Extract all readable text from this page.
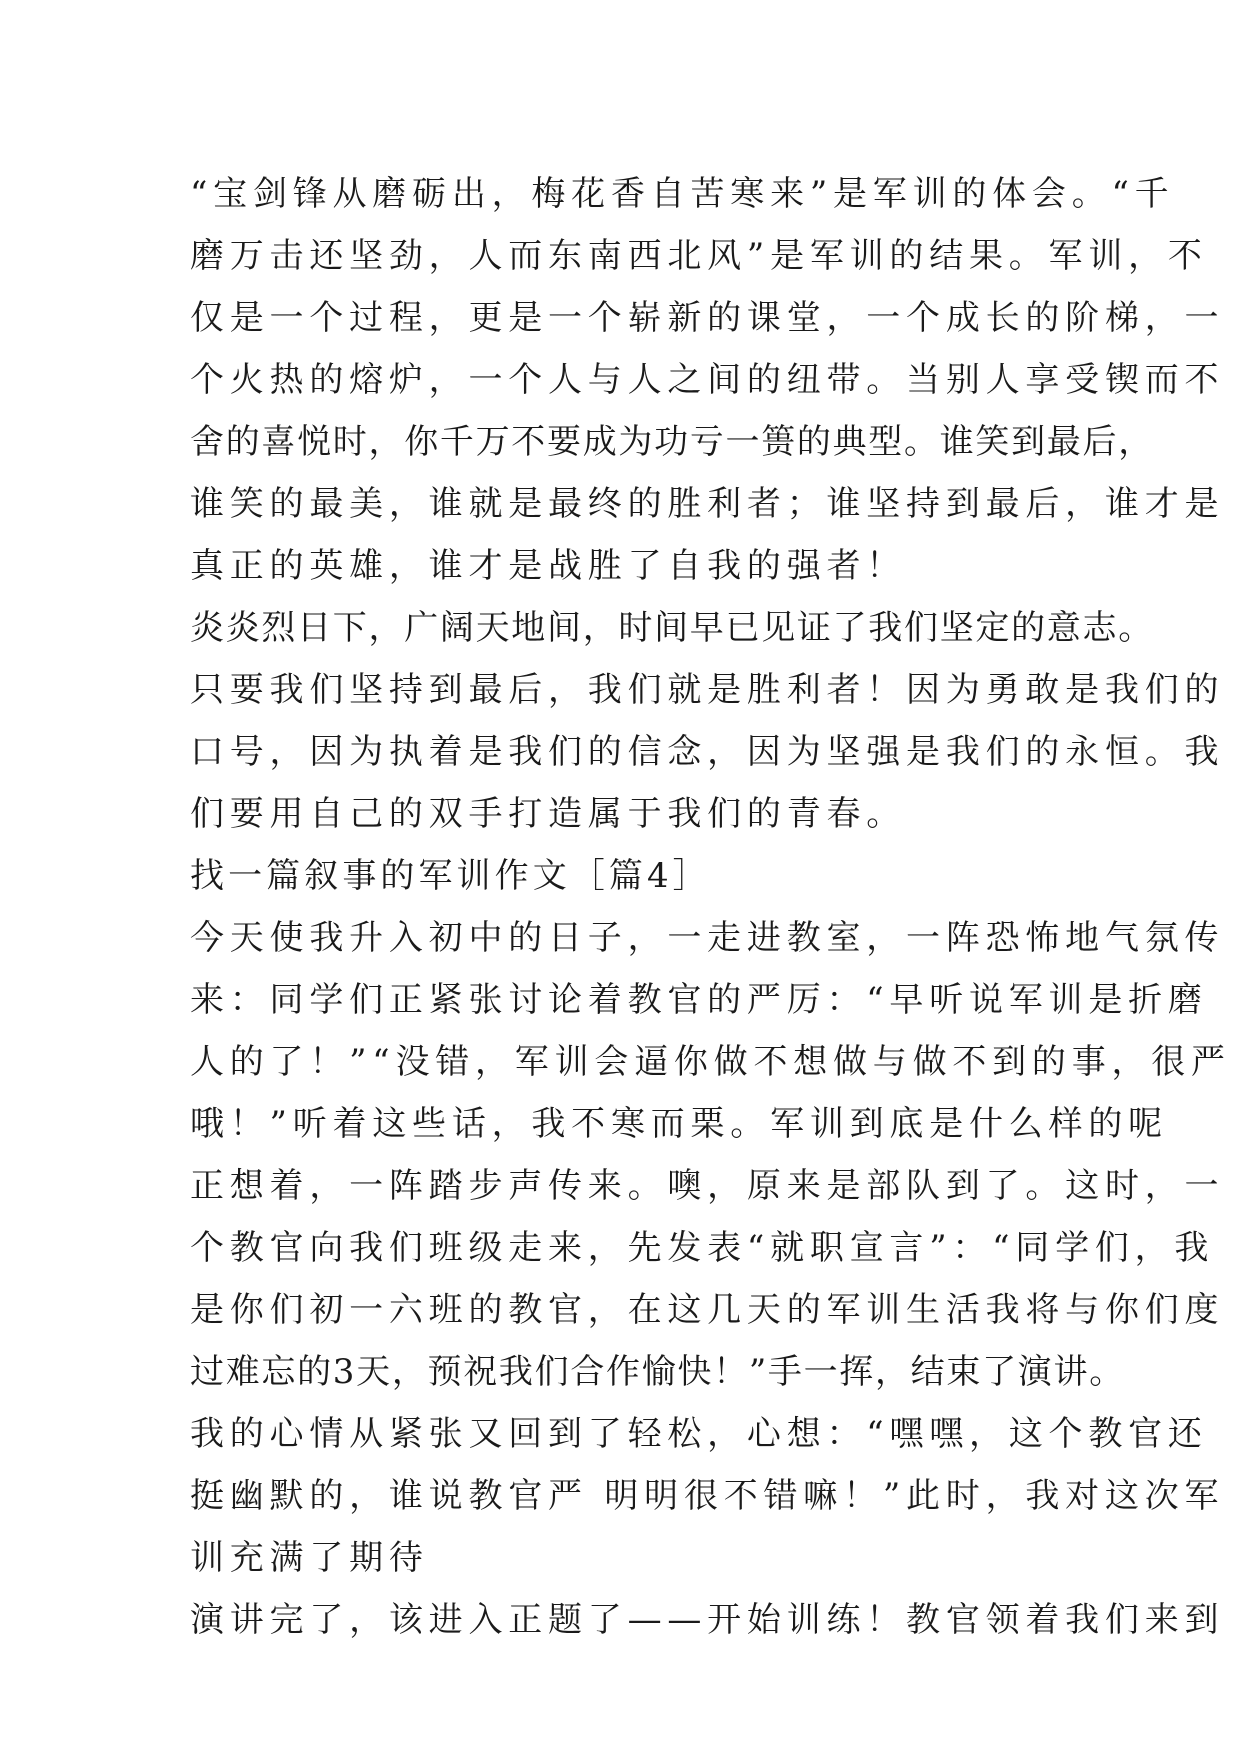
“宝剑锋从磨砺出，梅花香自苦寒来”是军训的体会。“千
磨万击还坚劲，人而东南西北风”是军训的结果。军训，不
仅是一个过程，更是一个崭新的课堂，一个成长的阶梯，一
个火热的熔炉，一个人与人之间的纽带。当别人享受锲而不
舍的喜悦时，你千万不要成为功亏一篑的典型。谁笑到最后，
谁笑的最美，谁就是最终的胜利者；谁坚持到最后，谁才是
真正的英雄，谁才是战胜了自我的强者！
炎炎烈日下，广阔天地间，时间早已见证了我们坚定的意志。
只要我们坚持到最后，我们就是胜利者！因为勇敢是我们的
口号，因为执着是我们的信念，因为坚强是我们的永恒。我
们要用自己的双手打造属于我们的青春。
找一篇叙事的军训作文［篇4］
今天使我升入初中的日子，一走进教室，一阵恐怖地气氛传
来：同学们正紧张讨论着教官的严厉：“早听说军训是折磨
人的了！”“没错，军训会逼你做不想做与做不到的事，很严
哦！”听着这些话，我不寒而栗。军训到底是什么样的呢
正想着，一阵踏步声传来。噢，原来是部队到了。这时，一
个教官向我们班级走来，先发表“就职宣言”：“同学们，我
是你们初一六班的教官，在这几天的军训生活我将与你们度
过难忘的3天，预祝我们合作愉快！”手一挥，结束了演讲。
我的心情从紧张又回到了轻松，心想：“嘿嘿，这个教官还
挺幽默的，谁说教官严 明明很不错嘛！”此时，我对这次军
训充满了期待
演讲完了，该进入正题了——开始训练！教官领着我们来到
